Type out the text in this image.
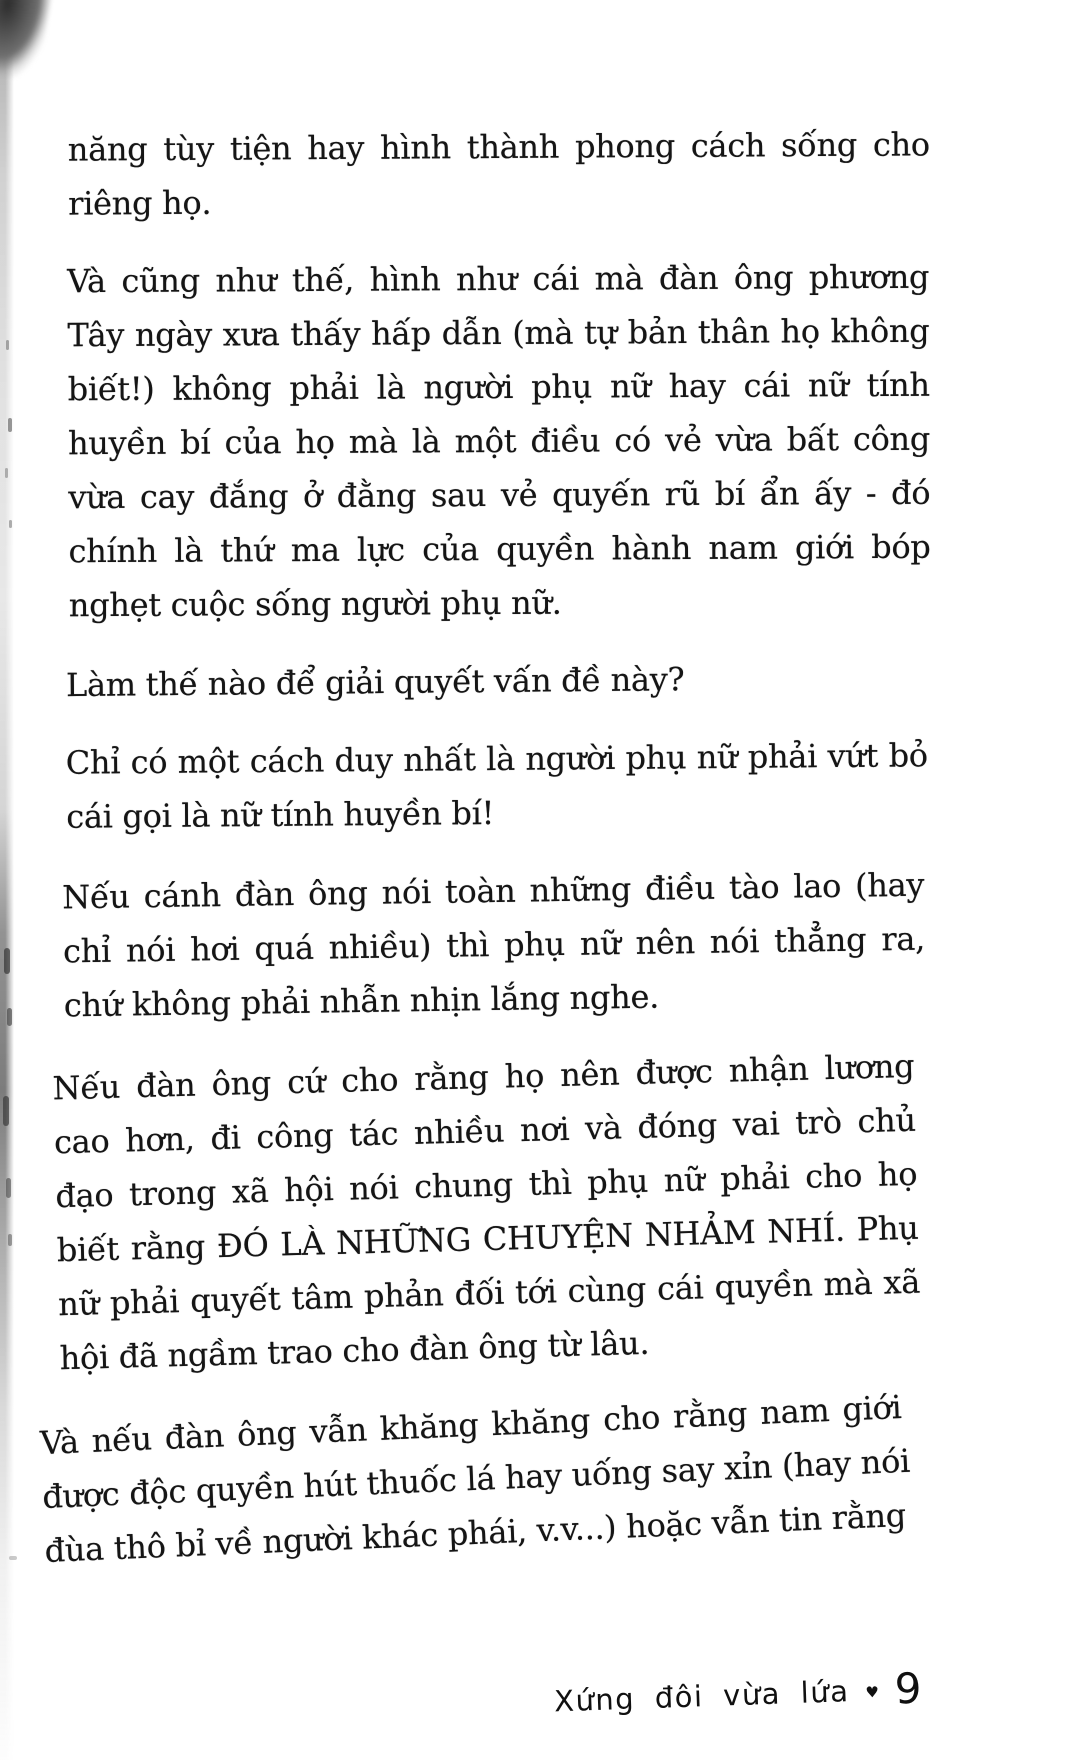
năng tùy tiện hay hình thành phong cách sống cho
riêng họ.
Và cũng như thế, hình như cái mà đàn ông phương
Tây ngày xưa thấy hấp dẫn (mà tự bản thân họ không
biết!) không phải là người phụ nữ hay cái nữ tính
huyền bí của họ mà là một điều có vẻ vừa bất công
vừa cay đắng ở đằng sau vẻ quyến rũ bí ẩn ấy - đó
chính là thứ ma lực của quyền hành nam giới bóp
nghẹt cuộc sống người phụ nữ.
Làm thế nào để giải quyết vấn đề này?
Chỉ có một cách duy nhất là người phụ nữ phải vứt bỏ
cái gọi là nữ tính huyền bí!
Nếu cánh đàn ông nói toàn những điều tào lao (hay
chỉ nói hơi quá nhiều) thì phụ nữ nên nói thẳng ra,
chứ không phải nhẫn nhịn lắng nghe.
Nếu đàn ông cứ cho rằng họ nên được nhận lương
cao hơn, đi công tác nhiều nơi và đóng vai trò chủ
đạo trong xã hội nói chung thì phụ nữ phải cho họ
biết rằng ĐÓ LÀ NHỮNG CHUYỆN NHẢM NHÍ. Phụ
nữ phải quyết tâm phản đối tới cùng cái quyền mà xã
hội đã ngầm trao cho đàn ông từ lâu.
Và nếu đàn ông vẫn khăng khăng cho rằng nam giới
được độc quyền hút thuốc lá hay uống say xỉn (hay nói
đùa thô bỉ về người khác phái, v.v...) hoặc vẫn tin rằng
Xứng đôi vừa lứa ♥ 9
